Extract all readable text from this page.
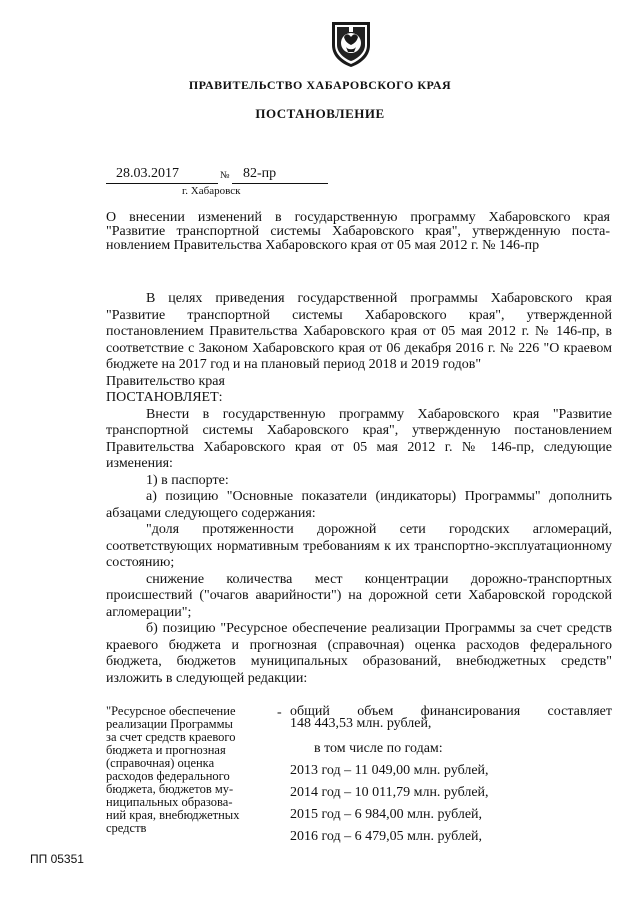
ПРАВИТЕЛЬСТВО ХАБАРОВСКОГО КРАЯ
ПОСТАНОВЛЕНИЕ
28.03.2017	№ 82-пр
г. Хабаровск
О внесении изменений в государственную программу Хабаровского края
"Развитие транспортной системы Хабаровского края", утвержденную поста-
новлением Правительства Хабаровского края от 05 мая 2012 г. № 146-пр

В целях приведения государственной программы Хабаровского края "Развитие транспортной системы Хабаровского края", утвержденной постановлением Правительства Хабаровского края от 05 мая 2012 г. № 146-пр, в соответствие с Законом Хабаровского края от 06 декабря 2016 г. № 226 "О краевом бюджете на 2017 год и на плановый период 2018 и 2019 годов"

Правительство края

ПОСТАНОВЛЯЕТ:

Внести в государственную программу Хабаровского края "Развитие транспортной системы Хабаровского края", утвержденную постановлением Правительства Хабаровского края от 05 мая 2012 г. № 146-пр, следующие изменения:

1) в паспорте:

а) позицию "Основные показатели (индикаторы) Программы" дополнить абзацами следующего содержания:

"доля протяженности дорожной сети городских агломераций, соответствующих нормативным требованиям к их транспортно-эксплуатационному состоянию;

снижение количества мест концентрации дорожно-транспортных происшествий ("очагов аварийности") на дорожной сети Хабаровской городской агломерации";

б) позицию "Ресурсное обеспечение реализации Программы за счет средств краевого бюджета и прогнозная (справочная) оценка расходов федерального бюджета, бюджетов муниципальных образований, внебюджетных средств" изложить в следующей редакции:

"Ресурсное обеспечение
реализации Программы
за счет средств краевого
бюджета и прогнозная
(справочная) оценка
расходов федерального
бюджета, бюджетов му-
ниципальных образова-
ний края, внебюджетных
средств
- общий объем финансирования составляет
148 443,53 млн. рублей,
в том числе по годам:
2013 год – 11 049,00 млн. рублей,
2014 год – 10 011,79 млн. рублей,
2015 год – 6 984,00 млн. рублей,
2016 год – 6 479,05 млн. рублей,
ПП 05351
